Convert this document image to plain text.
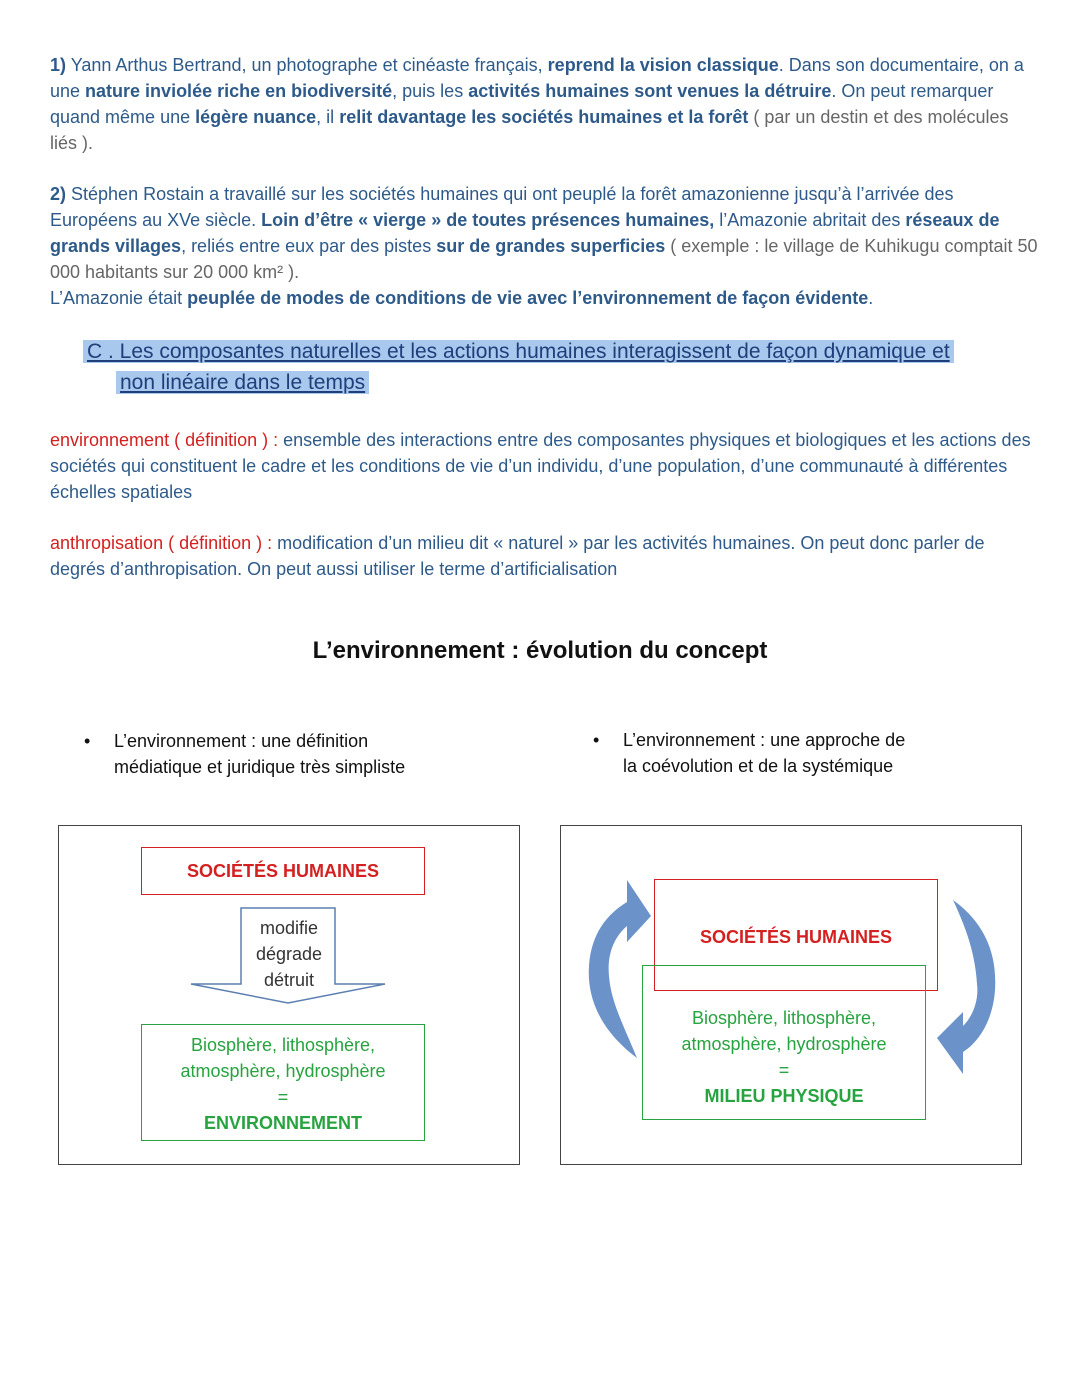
1) Yann Arthus Bertrand, un photographe et cinéaste français, reprend la vision classique. Dans son documentaire, on a une nature inviolée riche en biodiversité, puis les activités humaines sont venues la détruire. On peut remarquer quand même une légère nuance, il relit davantage les sociétés humaines et la forêt ( par un destin et des molécules liés ).
2) Stéphen Rostain a travaillé sur les sociétés humaines qui ont peuplé la forêt amazonienne jusqu’à l’arrivée des Européens au XVe siècle. Loin d’être « vierge » de toutes présences humaines, l’Amazonie abritait des réseaux de grands villages, reliés entre eux par des pistes sur de grandes superficies ( exemple : le village de Kuhikugu comptait 50 000 habitants sur 20 000 km² ).
L’Amazonie était peuplée de modes de conditions de vie avec l’environnement de façon évidente.
C . Les composantes naturelles et les actions humaines interagissent de façon dynamique et
non linéaire dans le temps
environnement ( définition ) : ensemble des interactions entre des composantes physiques et biologiques et les actions des sociétés qui constituent le cadre et les conditions de vie d’un individu, d’une population, d’une communauté à différentes échelles spatiales
anthropisation ( définition ) : modification d’un milieu dit « naturel » par les activités humaines. On peut donc parler de degrés d’anthropisation. On peut aussi utiliser le terme d’artificialisation
L’environnement : évolution du concept
• L’environnement : une définition
médiatique et juridique très simpliste
• L’environnement : une approche de
la coévolution et de la systémique
SOCIÉTÉS HUMAINES
modifie
dégrade
détruit
Biosphère, lithosphère,
atmosphère, hydrosphère
=
ENVIRONNEMENT
SOCIÉTÉS HUMAINES
Biosphère, lithosphère,
atmosphère, hydrosphère
=
MILIEU PHYSIQUE
